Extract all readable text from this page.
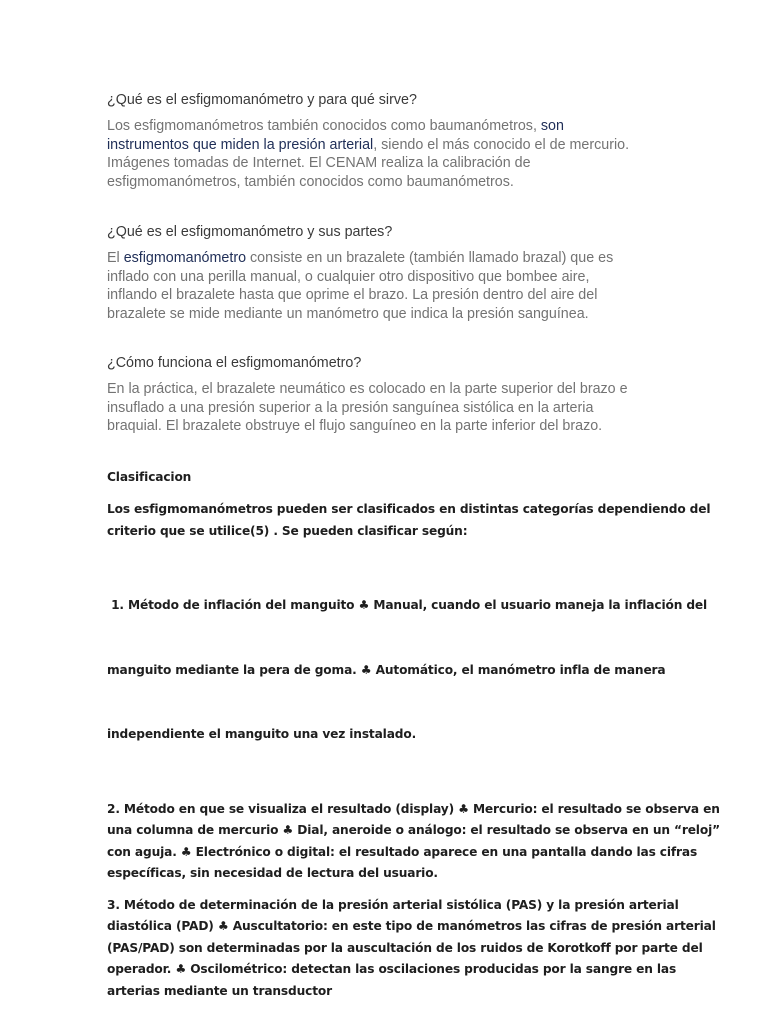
¿Qué es el esfigmomanómetro y para qué sirve?

Los esfigmomanómetros también conocidos como baumanómetros, son
instrumentos que miden la presión arterial, siendo el más conocido el de mercurio.
Imágenes tomadas de Internet. El CENAM realiza la calibración de
esfigmomanómetros, también conocidos como baumanómetros.

¿Qué es el esfigmomanómetro y sus partes?

El esfigmomanómetro consiste en un brazalete (también llamado brazal) que es
inflado con una perilla manual, o cualquier otro dispositivo que bombee aire,
inflando el brazalete hasta que oprime el brazo. La presión dentro del aire del
brazalete se mide mediante un manómetro que indica la presión sanguínea.

¿Cómo funciona el esfigmomanómetro?

En la práctica, el brazalete neumático es colocado en la parte superior del brazo e
insuflado a una presión superior a la presión sanguínea sistólica en la arteria
braquial. El brazalete obstruye el flujo sanguíneo en la parte inferior del brazo.

Clasificacion

Los esfigmomanómetros pueden ser clasificados en distintas categorías dependiendo del
criterio que se utilice(5) . Se pueden clasificar según:

1. Método de inflación del manguito ♣ Manual, cuando el usuario maneja la inflación del

manguito mediante la pera de goma. ♣ Automático, el manómetro infla de manera

independiente el manguito una vez instalado.

2. Método en que se visualiza el resultado (display) ♣ Mercurio: el resultado se observa en
una columna de mercurio ♣ Dial, aneroide o análogo: el resultado se observa en un “reloj”
con aguja. ♣ Electrónico o digital: el resultado aparece en una pantalla dando las cifras
específicas, sin necesidad de lectura del usuario.

3. Método de determinación de la presión arterial sistólica (PAS) y la presión arterial
diastólica (PAD) ♣ Auscultatorio: en este tipo de manómetros las cifras de presión arterial
(PAS/PAD) son determinadas por la auscultación de los ruidos de Korotkoff por parte del
operador. ♣ Oscilométrico: detectan las oscilaciones producidas por la sangre en las
arterias mediante un transductor
